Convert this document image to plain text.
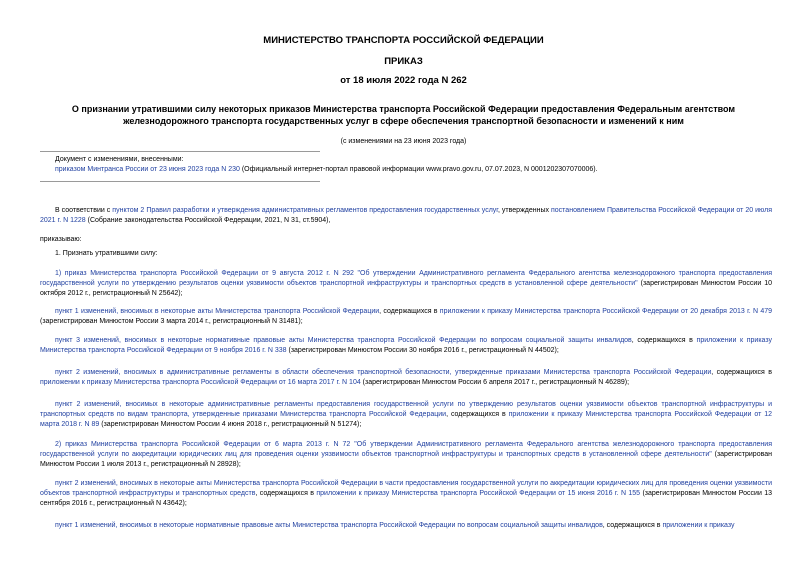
МИНИСТЕРСТВО ТРАНСПОРТА РОССИЙСКОЙ ФЕДЕРАЦИИ
ПРИКАЗ
от 18 июля 2022 года N 262
О признании утратившими силу некоторых приказов Министерства транспорта Российской Федерации предоставления Федеральным агентством железнодорожного транспорта государственных услуг в сфере обеспечения транспортной безопасности и изменений к ним
(с изменениями на 23 июня 2023 года)
Документ с изменениями, внесенными:
приказом Минтранса России от 23 июня 2023 года N 230 (Официальный интернет-портал правовой информации www.pravo.gov.ru, 07.07.2023, N 0001202307070006).
В соответствии с пунктом 2 Правил разработки и утверждения административных регламентов предоставления государственных услуг, утвержденных постановлением Правительства Российской Федерации от 20 июля 2021 г. N 1228 (Собрание законодательства Российской Федерации, 2021, N 31, ст.5904),
приказываю:
1. Признать утратившими силу:
1) приказ Министерства транспорта Российской Федерации от 9 августа 2012 г. N 292 "Об утверждении Административного регламента Федерального агентства железнодорожного транспорта предоставления государственной услуги по утверждению результатов оценки уязвимости объектов транспортной инфраструктуры и транспортных средств в установленной сфере деятельности" (зарегистрирован Минюстом России 10 октября 2012 г., регистрационный N 25642);
пункт 1 изменений, вносимых в некоторые акты Министерства транспорта Российской Федерации, содержащихся в приложении к приказу Министерства транспорта Российской Федерации от 20 декабря 2013 г. N 479 (зарегистрирован Минюстом России 3 марта 2014 г., регистрационный N 31481);
пункт 3 изменений, вносимых в некоторые нормативные правовые акты Министерства транспорта Российской Федерации по вопросам социальной защиты инвалидов, содержащихся в приложении к приказу Министерства транспорта Российской Федерации от 9 ноября 2016 г. N 338 (зарегистрирован Минюстом России 30 ноября 2016 г., регистрационный N 44502);
пункт 2 изменений, вносимых в административные регламенты в области обеспечения транспортной безопасности, утвержденные приказами Министерства транспорта Российской Федерации, содержащихся в приложении к приказу Министерства транспорта Российской Федерации от 16 марта 2017 г. N 104 (зарегистрирован Минюстом России 6 апреля 2017 г., регистрационный N 46289);
пункт 2 изменений, вносимых в некоторые административные регламенты предоставления государственной услуги по утверждению результатов оценки уязвимости объектов транспортной инфраструктуры и транспортных средств по видам транспорта, утвержденные приказами Министерства транспорта Российской Федерации, содержащихся в приложении к приказу Министерства транспорта Российской Федерации от 12 марта 2018 г. N 89 (зарегистрирован Минюстом России 4 июня 2018 г., регистрационный N 51274);
2) приказ Министерства транспорта Российской Федерации от 6 марта 2013 г. N 72 "Об утверждении Административного регламента Федерального агентства железнодорожного транспорта предоставления государственной услуги по аккредитации юридических лиц для проведения оценки уязвимости объектов транспортной инфраструктуры и транспортных средств в установленной сфере деятельности" (зарегистрирован Минюстом России 1 июля 2013 г., регистрационный N 28928);
пункт 2 изменений, вносимых в некоторые акты Министерства транспорта Российской Федерации в части предоставления государственной услуги по аккредитации юридических лиц для проведения оценки уязвимости объектов транспортной инфраструктуры и транспортных средств, содержащихся в приложении к приказу Министерства транспорта Российской Федерации от 15 июня 2016 г. N 155 (зарегистрирован Минюстом России 13 сентября 2016 г., регистрационный N 43642);
пункт 1 изменений, вносимых в некоторые нормативные правовые акты Министерства транспорта Российской Федерации по вопросам социальной защиты инвалидов, содержащихся в приложении к приказу
